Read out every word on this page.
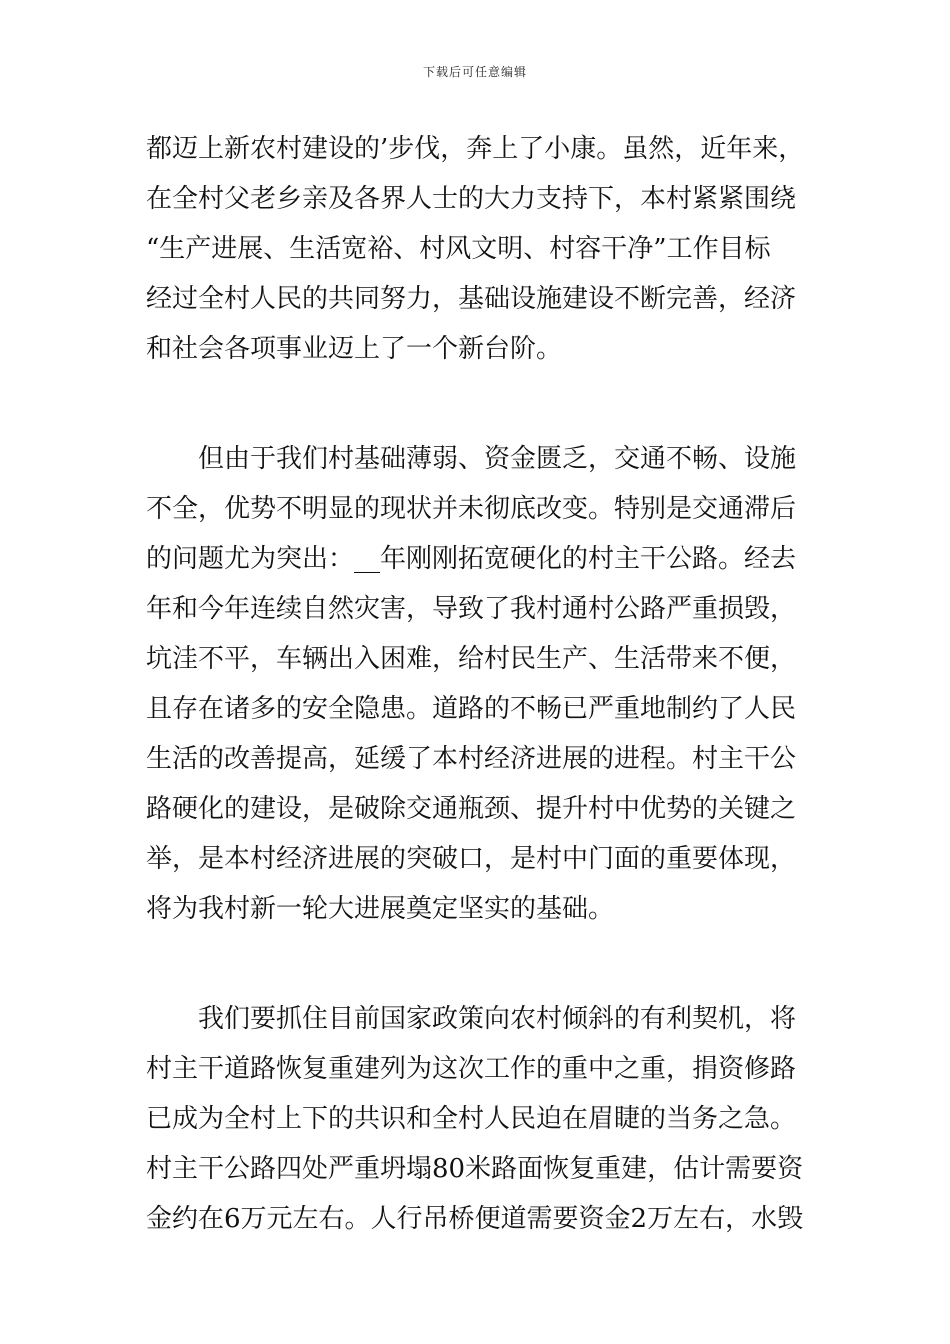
下载后可任意编辑

都迈上新农村建设的’步伐，奔上了小康。虽然，近年来，
在全村父老乡亲及各界人士的大力支持下，本村紧紧围绕
“生产进展、生活宽裕、村风文明、村容干净”工作目标
经过全村人民的共同努力，基础设施建设不断完善，经济
和社会各项事业迈上了一个新台阶。

　　但由于我们村基础薄弱、资金匮乏，交通不畅、设施
不全，优势不明显的现状并未彻底改变。特别是交通滞后
的问题尤为突出：__年刚刚拓宽硬化的村主干公路。经去
年和今年连续自然灾害，导致了我村通村公路严重损毁，
坑洼不平，车辆出入困难，给村民生产、生活带来不便，
且存在诸多的安全隐患。道路的不畅已严重地制约了人民
生活的改善提高，延缓了本村经济进展的进程。村主干公
路硬化的建设，是破除交通瓶颈、提升村中优势的关键之
举，是本村经济进展的突破口，是村中门面的重要体现，
将为我村新一轮大进展奠定坚实的基础。

　　我们要抓住目前国家政策向农村倾斜的有利契机，将
村主干道路恢复重建列为这次工作的重中之重，捐资修路
已成为全村上下的共识和全村人民迫在眉睫的当务之急。
村主干公路四处严重坍塌80米路面恢复重建，估计需要资
金约在6万元左右。人行吊桥便道需要资金2万左右，水毁
